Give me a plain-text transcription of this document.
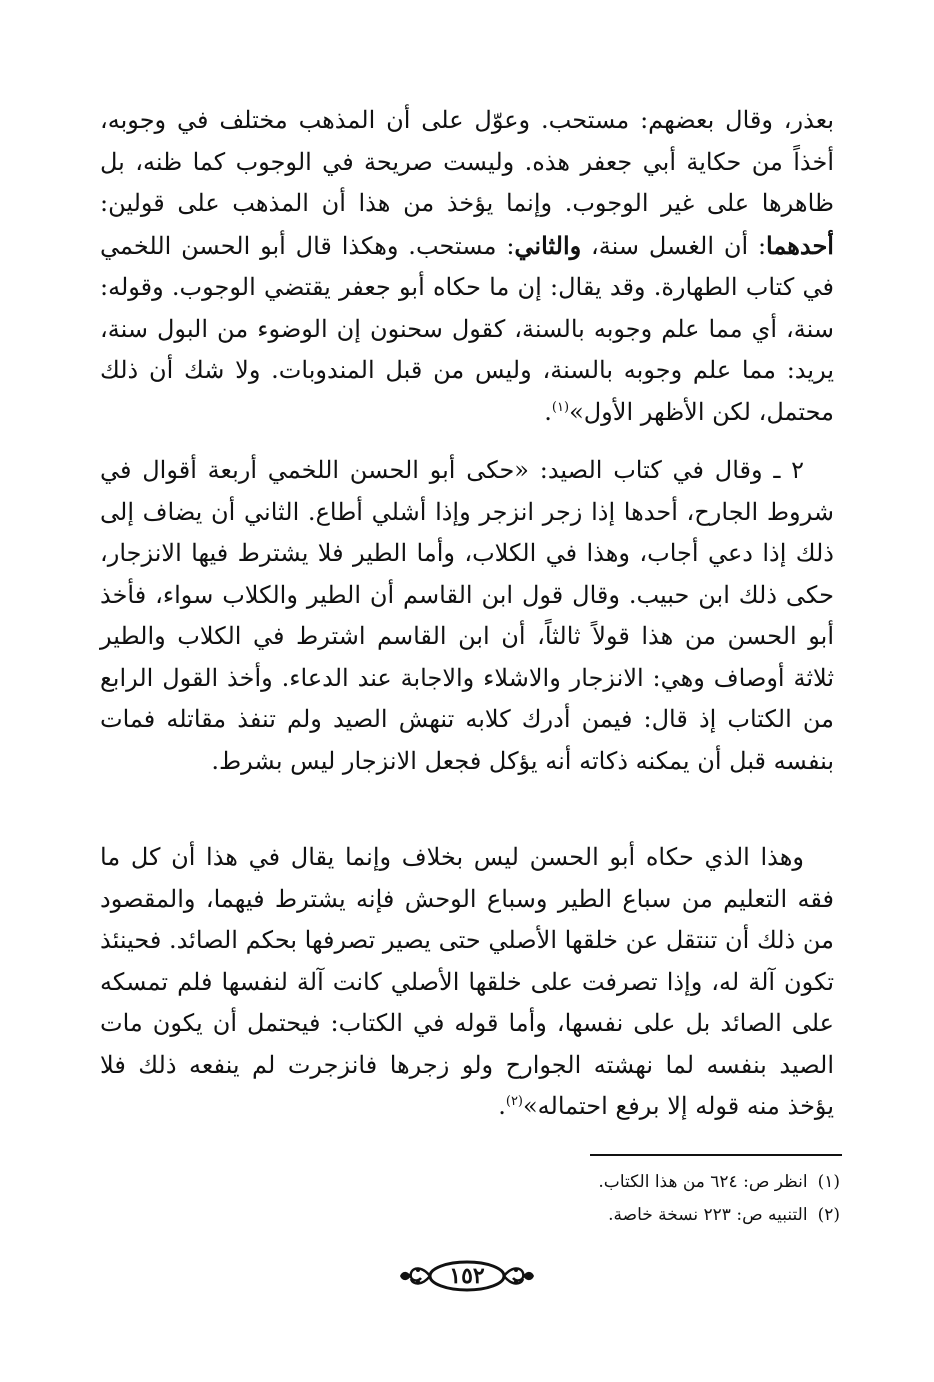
بعذر، وقال بعضهم: مستحب. وعوّل على أن المذهب مختلف في وجوبه، أخذاً من حكاية أبي جعفر هذه. وليست صريحة في الوجوب كما ظنه، بل ظاهرها على غير الوجوب. وإنما يؤخذ من هذا أن المذهب على قولين: أحدهما: أن الغسل سنة، والثاني: مستحب. وهكذا قال أبو الحسن اللخمي في كتاب الطهارة. وقد يقال: إن ما حكاه أبو جعفر يقتضي الوجوب. وقوله: سنة، أي مما علم وجوبه بالسنة، كقول سحنون إن الوضوء من البول سنة، يريد: مما علم وجوبه بالسنة، وليس من قبل المندوبات. ولا شك أن ذلك محتمل، لكن الأظهر الأول»$^{(١)}$.

٢ ـ وقال في كتاب الصيد: «حكى أبو الحسن اللخمي أربعة أقوال في شروط الجارح، أحدها إذا زجر انزجر وإذا أشلي أطاع. الثاني أن يضاف إلى ذلك إذا دعي أجاب، وهذا في الكلاب، وأما الطير فلا يشترط فيها الانزجار، حكى ذلك ابن حبيب. وقال قول ابن القاسم أن الطير والكلاب سواء، فأخذ أبو الحسن من هذا قولاً ثالثاً، أن ابن القاسم اشترط في الكلاب والطير ثلاثة أوصاف وهي: الانزجار والاشلاء والاجابة عند الدعاء. وأخذ القول الرابع من الكتاب إذ قال: فيمن أدرك كلابه تنهش الصيد ولم تنفذ مقاتله فمات بنفسه قبل أن يمكنه ذكاته أنه يؤكل فجعل الانزجار ليس بشرط.

وهذا الذي حكاه أبو الحسن ليس بخلاف وإنما يقال في هذا أن كل ما فقه التعليم من سباع الطير وسباع الوحش فإنه يشترط فيهما، والمقصود من ذلك أن تنتقل عن خلقها الأصلي حتى يصير تصرفها بحكم الصائد. فحينئذ تكون آلة له، وإذا تصرفت على خلقها الأصلي كانت آلة لنفسها فلم تمسكه على الصائد بل على نفسها، وأما قوله في الكتاب: فيحتمل أن يكون مات الصيد بنفسه لما نهشته الجوارح ولو زجرها فانزجرت لم ينفعه ذلك فلا يؤخذ منه قوله إلا برفع احتماله»$^{(٢)}$.

(١)انظر ص: ٦٢٤ من هذا الكتاب.
(٢)التنبيه ص: ٢٢٣ نسخة خاصة.
١٥٢
